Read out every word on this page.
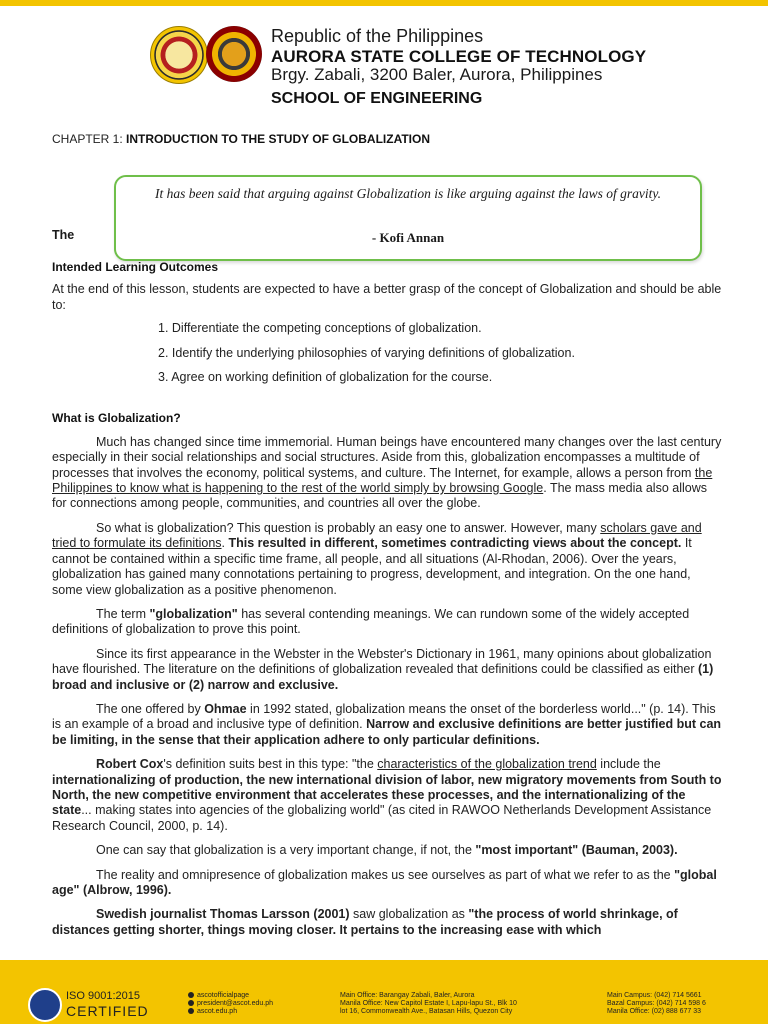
Republic of the Philippines
AURORA STATE COLLEGE OF TECHNOLOGY
Brgy. Zabali, 3200 Baler, Aurora, Philippines
SCHOOL OF ENGINEERING
CHAPTER 1: INTRODUCTION TO THE STUDY OF GLOBALIZATION
The
It has been said that arguing against Globalization is like arguing against the laws of gravity.
- Kofi Annan
Intended Learning Outcomes

At the end of this lesson, students are expected to have a better grasp of the concept of Globalization and should be able to:

1. Differentiate the competing conceptions of globalization.
2. Identify the underlying philosophies of varying definitions of globalization.
3. Agree on working definition of globalization for the course.
What is Globalization?

Much has changed since time immemorial. Human beings have encountered many changes over the last century especially in their social relationships and social structures. Aside from this, globalization encompasses a multitude of processes that involves the economy, political systems, and culture. The Internet, for example, allows a person from the Philippines to know what is happening to the rest of the world simply by browsing Google. The mass media also allows for connections among people, communities, and countries all over the globe.

So what is globalization? This question is probably an easy one to answer. However, many scholars gave and tried to formulate its definitions. This resulted in different, sometimes contradicting views about the concept. It cannot be contained within a specific time frame, all people, and all situations (Al-Rhodan, 2006). Over the years, globalization has gained many connotations pertaining to progress, development, and integration. On the one hand, some view globalization as a positive phenomenon.

The term "globalization" has several contending meanings. We can rundown some of the widely accepted definitions of globalization to prove this point.

Since its first appearance in the Webster in the Webster's Dictionary in 1961, many opinions about globalization have flourished. The literature on the definitions of globalization revealed that definitions could be classified as either (1) broad and inclusive or (2) narrow and exclusive.

The one offered by Ohmae in 1992 stated, globalization means the onset of the borderless world..." (p. 14). This is an example of a broad and inclusive type of definition. Narrow and exclusive definitions are better justified but can be limiting, in the sense that their application adhere to only particular definitions.

Robert Cox's definition suits best in this type: "the characteristics of the globalization trend include the internationalizing of production, the new international division of labor, new migratory movements from South to North, the new competitive environment that accelerates these processes, and the internationalizing of the state... making states into agencies of the globalizing world" (as cited in RAWOO Netherlands Development Assistance Research Council, 2000, p. 14).

One can say that globalization is a very important change, if not, the "most important" (Bauman, 2003).

The reality and omnipresence of globalization makes us see ourselves as part of what we refer to as the "global age" (Albrow, 1996).

Swedish journalist Thomas Larsson (2001) saw globalization as "the process of world shrinkage, of distances getting shorter, things moving closer. It pertains to the increasing ease with which

ISO 9001:2015
CERTIFIED
ascotofficialpage
president@ascot.edu.ph
ascot.edu.ph
Main Office: Barangay Zabali, Baler, Aurora
Manila Office: New Capitol Estate I, Lapu-lapu St., Blk 10
lot 16, Commonwealth Ave., Batasan Hills, Quezon City
Main Campus: (042) 714 5661
Bazal Campus: (042) 714 598 6
Manila Office: (02) 888 677 33
